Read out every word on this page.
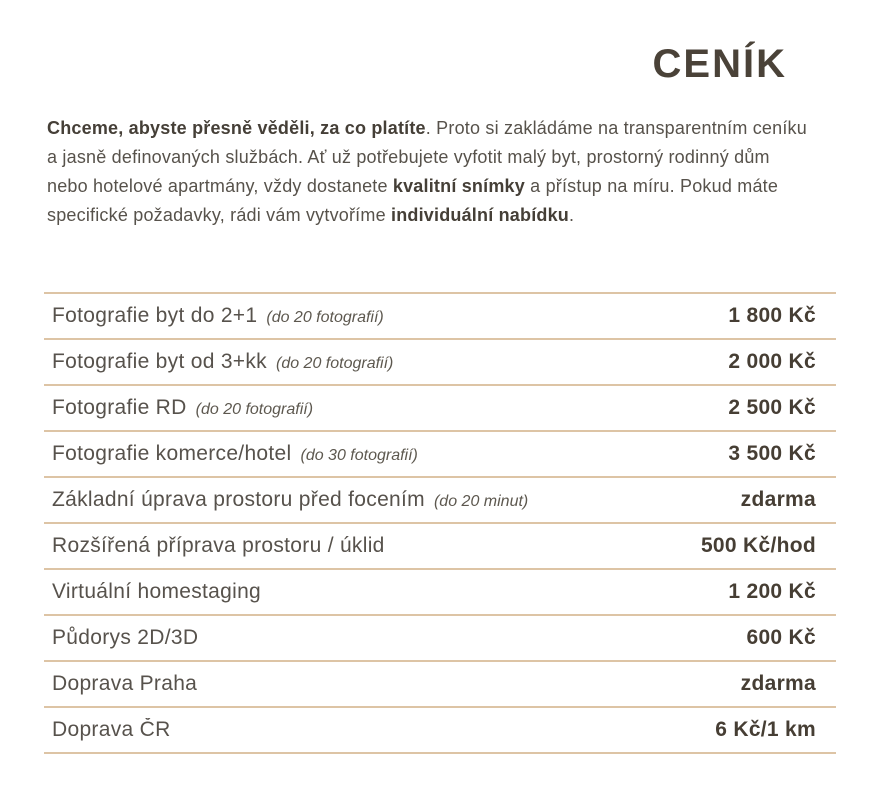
CENÍK

Chceme, abyste přesně věděli, za co platíte. Proto si zakládáme na transparentním ceníku a jasně definovaných službách. Ať už potřebujete vyfotit malý byt, prostorný rodinný dům nebo hotelové apartmány, vždy dostanete kvalitní snímky a přístup na míru. Pokud máte specifické požadavky, rádi vám vytvoříme individuální nabídku.

Fotografie byt do 2+1 (do 20 fotografií)	1 800 Kč
Fotografie byt od 3+kk (do 20 fotografií)	2 000 Kč
Fotografie RD (do 20 fotografií)	2 500 Kč
Fotografie komerce/hotel (do 30 fotografií)	3 500 Kč
Základní úprava prostoru před focením (do 20 minut)	zdarma
Rozšířená příprava prostoru / úklid	500 Kč/hod
Virtuální homestaging	1 200 Kč
Půdorys 2D/3D	600 Kč
Doprava Praha	zdarma
Doprava ČR	6 Kč/1 km
